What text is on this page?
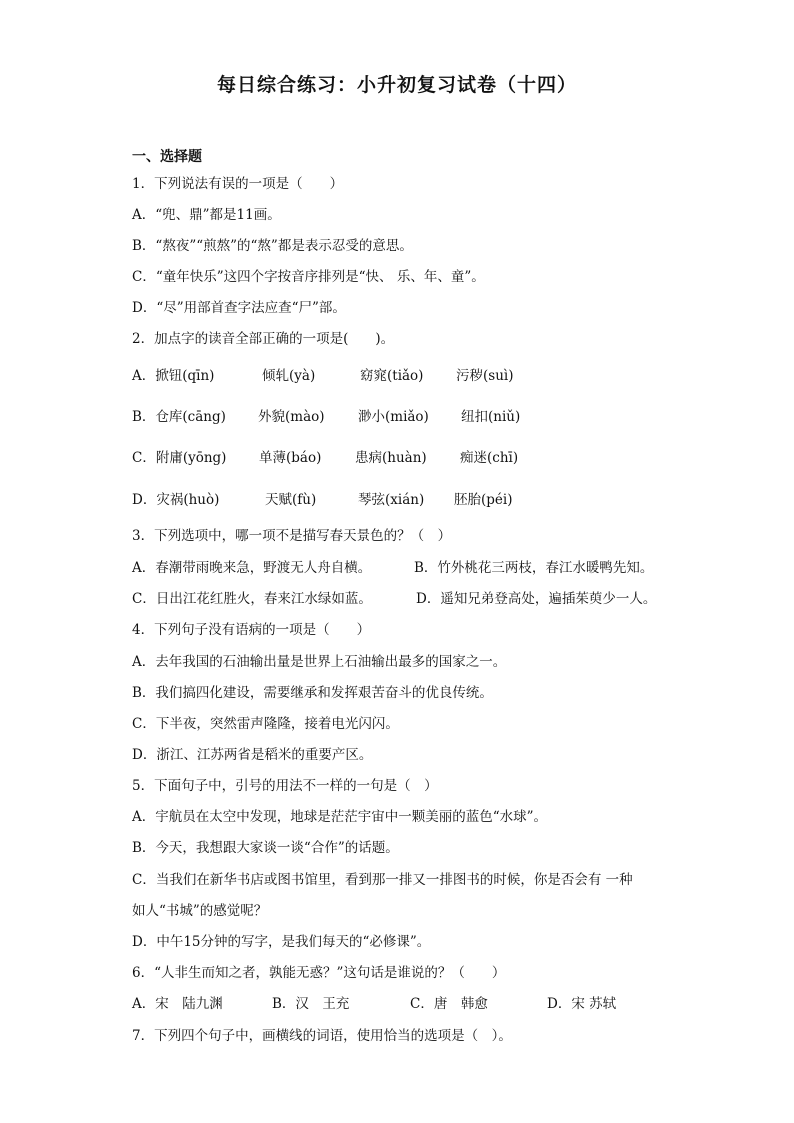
每日综合练习：小升初复习试卷（十四）
一、选择题
1．下列说法有误的一项是（　　）
A．“兜、鼎”都是11画。
B．“熬夜”“煎熬”的“熬”都是表示忍受的意思。
C．“童年快乐”这四个字按音序排列是“快、 乐、年、童”。
D．“尽”用部首查字法应查“尸”部。
2．加点字的读音全部正确的一项是(　　)。
A．掀钮(qīn)	倾轧(yà)	窈窕(tiǎo) 污秽(suì)
B．仓库(cāng) 外貌(mào) 渺小(miǎo) 纽扣(niǔ)
C．附庸(yōng) 单薄(báo) 患病(huàn) 痴迷(chī)
D．灾祸(huò)	天赋(fù)	琴弦(xián) 胚胎(péi)
3．下列选项中，哪一项不是描写春天景色的？（　）
A．春潮带雨晚来急，野渡无人舟自横。	B．竹外桃花三两枝，春江水暖鸭先知。
C．日出江花红胜火，春来江水绿如蓝。	D．遥知兄弟登高处，遍插茱萸少一人。
4．下列句子没有语病的一项是（　　）
A．去年我国的石油输出量是世界上石油输出最多的国家之一。
B．我们搞四化建设，需要继承和发挥艰苦奋斗的优良传统。
C．下半夜，突然雷声隆隆，接着电光闪闪。
D．浙江、江苏两省是稻米的重要产区。
5．下面句子中，引号的用法不一样的一句是（　）
A．宇航员在太空中发现，地球是茫茫宇宙中一颗美丽的蓝色“水球”。
B．今天，我想跟大家谈一谈“合作”的话题。
C．当我们在新华书店或图书馆里，看到那一排又一排图书的时候，你是否会有 一种
如人“书城”的感觉呢？
D．中午15分钟的写字，是我们每天的“必修课”。
6．“人非生而知之者，孰能无惑？”这句话是谁说的？（　　）
A．宋　陆九渊	B．汉　王充	C．唐　韩愈	D．宋 苏轼
7．下列四个句子中，画横线的词语，使用恰当的选项是（　）。
